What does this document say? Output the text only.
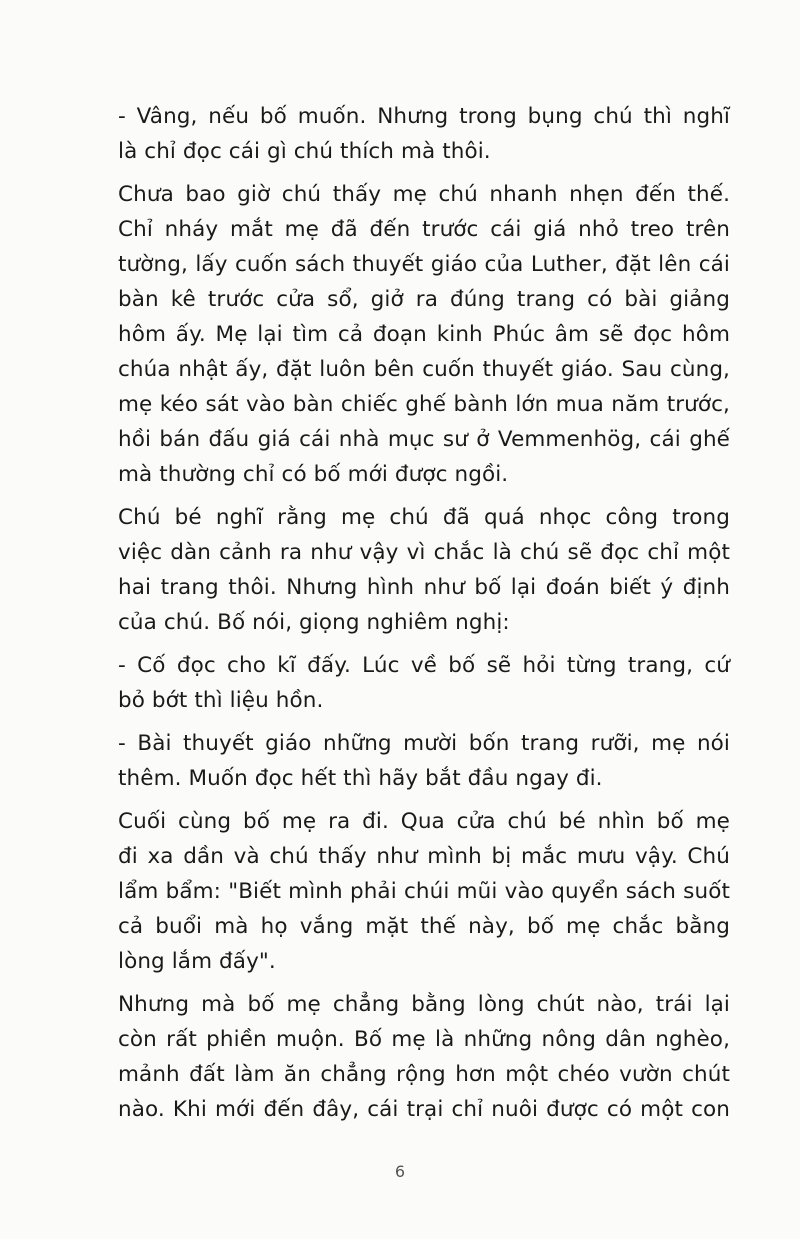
- Vâng, nếu bố muốn. Nhưng trong bụng chú thì nghĩ
là chỉ đọc cái gì chú thích mà thôi.

Chưa bao giờ chú thấy mẹ chú nhanh nhẹn đến thế.
Chỉ nháy mắt mẹ đã đến trước cái giá nhỏ treo trên
tường, lấy cuốn sách thuyết giáo của Luther, đặt lên cái
bàn kê trước cửa sổ, giở ra đúng trang có bài giảng
hôm ấy. Mẹ lại tìm cả đoạn kinh Phúc âm sẽ đọc hôm
chúa nhật ấy, đặt luôn bên cuốn thuyết giáo. Sau cùng,
mẹ kéo sát vào bàn chiếc ghế bành lớn mua năm trước,
hồi bán đấu giá cái nhà mục sư ở Vemmenhög, cái ghế
mà thường chỉ có bố mới được ngồi.

Chú bé nghĩ rằng mẹ chú đã quá nhọc công trong
việc dàn cảnh ra như vậy vì chắc là chú sẽ đọc chỉ một
hai trang thôi. Nhưng hình như bố lại đoán biết ý định
của chú. Bố nói, giọng nghiêm nghị:

- Cố đọc cho kĩ đấy. Lúc về bố sẽ hỏi từng trang, cứ
bỏ bớt thì liệu hồn.

- Bài thuyết giáo những mười bốn trang rưỡi, mẹ nói
thêm. Muốn đọc hết thì hãy bắt đầu ngay đi.

Cuối cùng bố mẹ ra đi. Qua cửa chú bé nhìn bố mẹ
đi xa dần và chú thấy như mình bị mắc mưu vậy. Chú
lẩm bẩm: "Biết mình phải chúi mũi vào quyển sách suốt
cả buổi mà họ vắng mặt thế này, bố mẹ chắc bằng
lòng lắm đấy".

Nhưng mà bố mẹ chẳng bằng lòng chút nào, trái lại
còn rất phiền muộn. Bố mẹ là những nông dân nghèo,
mảnh đất làm ăn chẳng rộng hơn một chéo vườn chút
nào. Khi mới đến đây, cái trại chỉ nuôi được có một con

6
